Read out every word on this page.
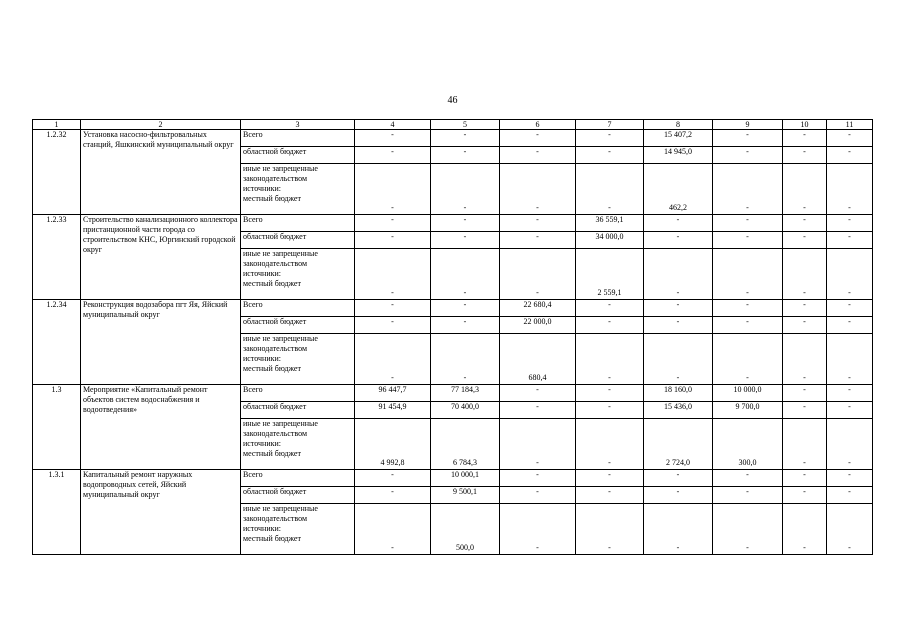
46
1	2	3	4	5	6	7	8	9	10	11
1.2.32	Установка насосно-фильтровальных станций, Яшкинский муниципальный округ	Всего	-	-	-	-	15 407,2	-	-	-
		областной бюджет	-	-	-	-	14 945,0	-	-	-

		иные не запрещенные
законодательством
источники:
местный бюджет	-	-	-	-	462,2	-	-	-
1.2.33	Строительство канализационного коллектора пристанционной части города со строительством КНС, Юргинский городской округ	Всего	-	-	-	36 559,1	-	-	-	-
		областной бюджет	-	-	-	34 000,0	-	-	-	-

		иные не запрещенные
законодательством
источники:
местный бюджет	-	-	-	2 559,1	-	-	-	-
1.2.34	Реконструкция водозабора пгт Яя, Яйский муниципальный округ	Всего	-	-	22 680,4	-	-	-	-	-
		областной бюджет	-	-	22 000,0	-	-	-	-	-

		иные не запрещенные
законодательством
источники:
местный бюджет	-	-	680,4	-	-	-	-	-
1.3	Мероприятие «Капитальный ремонт объектов систем водоснабжения и водоотведения»	Всего	96 447,7	77 184,3	-	-	18 160,0	10 000,0	-	-
		областной бюджет	91 454,9	70 400,0	-	-	15 436,0	9 700,0	-	-

		иные не запрещенные
законодательством
источники:
местный бюджет	4 992,8	6 784,3	-	-	2 724,0	300,0	-	-
1.3.1	Капитальный ремонт наружных водопроводных сетей, Яйский муниципальный округ	Всего	-	10 000,1	-	-	-	-	-	-
		областной бюджет	-	9 500,1	-	-	-	-	-	-

		иные не запрещенные
законодательством
источники:
местный бюджет	-	500,0	-	-	-	-	-	-
